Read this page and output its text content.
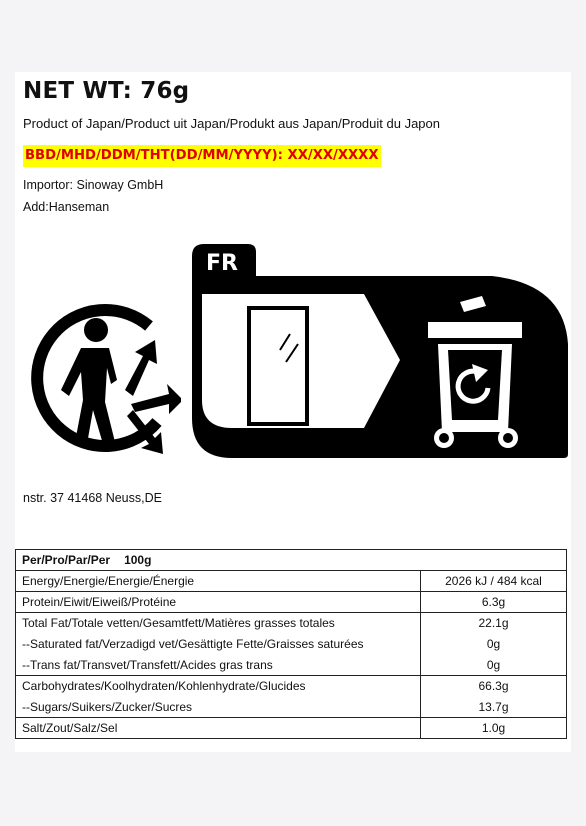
NET WT: 76g
Product of Japan/Product uit Japan/Produkt aus Japan/Produit du Japon
BBD/MHD/DDM/THT(DD/MM/YYYY): XX/XX/XXXX
Importor: Sinoway GmbH
Add:Hanseman
FR
nstr. 37 41468 Neuss,DE
Per/Pro/Par/Per 100g	
Energy/Energie/Energie/Énergie	2026 kJ / 484 kcal
Protein/Eiwit/Eiweiß/Protéine	6.3g
Total Fat/Totale vetten/Gesamtfett/Matières grasses totales	22.1g
--Saturated fat/Verzadigd vet/Gesättigte Fette/Graisses saturées	0g
--Trans fat/Transvet/Transfett/Acides gras trans	0g
Carbohydrates/Koolhydraten/Kohlenhydrate/Glucides	66.3g
--Sugars/Suikers/Zucker/Sucres	13.7g
Salt/Zout/Salz/Sel	1.0g
